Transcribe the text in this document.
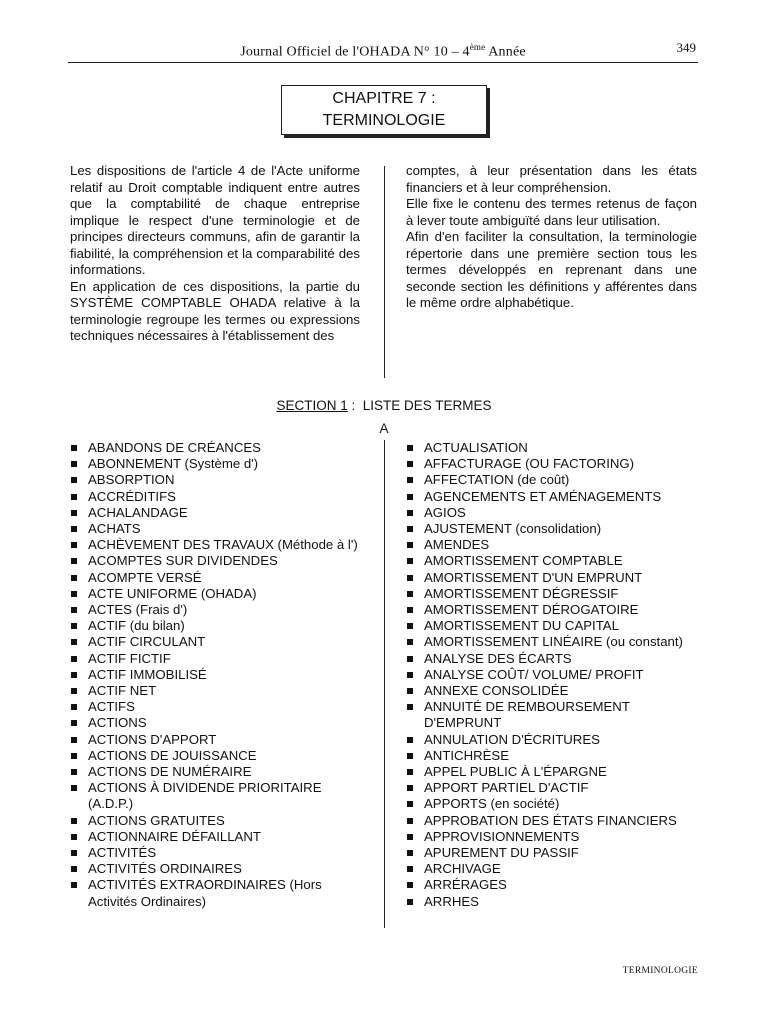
Journal Officiel de l'OHADA N° 10 – 4ème Année	349
CHAPITRE 7 :
TERMINOLOGIE

Les dispositions de l'article 4 de l'Acte uniforme relatif au Droit comptable indiquent entre autres que la comptabilité de chaque entreprise implique le respect d'une terminologie et de principes directeurs communs, afin de garantir la fiabilité, la compréhension et la comparabilité des informations.

En application de ces dispositions, la partie du SYSTÈME COMPTABLE OHADA relative à la terminologie regroupe les termes ou expressions techniques nécessaires à l'établissement des

comptes, à leur présentation dans les états financiers et à leur compréhension.

Elle fixe le contenu des termes retenus de façon à lever toute ambiguïté dans leur utilisation.

Afin d'en faciliter la consultation, la terminologie répertorie dans une première section tous les termes développés en reprenant dans une seconde section les définitions y afférentes dans le même ordre alphabétique.

SECTION 1 :  LISTE DES TERMES
A
ABANDONS DE CRÉANCES
ABONNEMENT (Système d')
ABSORPTION
ACCRÉDITIFS
ACHALANDAGE
ACHATS
ACHÈVEMENT DES TRAVAUX (Méthode à l')
ACOMPTES SUR DIVIDENDES
ACOMPTE VERSÉ
ACTE UNIFORME (OHADA)
ACTES (Frais d')
ACTIF (du bilan)
ACTIF CIRCULANT
ACTIF FICTIF
ACTIF IMMOBILISÉ
ACTIF NET
ACTIFS
ACTIONS
ACTIONS D'APPORT
ACTIONS DE JOUISSANCE
ACTIONS DE NUMÉRAIRE
ACTIONS À DIVIDENDE PRIORITAIRE (A.D.P.)
ACTIONS GRATUITES
ACTIONNAIRE DÉFAILLANT
ACTIVITÉS
ACTIVITÉS ORDINAIRES
ACTIVITÉS EXTRAORDINAIRES (Hors Activités Ordinaires)
ACTUALISATION
AFFACTURAGE (OU FACTORING)
AFFECTATION (de coût)
AGENCEMENTS ET AMÉNAGEMENTS
AGIOS
AJUSTEMENT (consolidation)
AMENDES
AMORTISSEMENT COMPTABLE
AMORTISSEMENT D'UN EMPRUNT
AMORTISSEMENT DÉGRESSIF
AMORTISSEMENT DÉROGATOIRE
AMORTISSEMENT DU CAPITAL
AMORTISSEMENT LINÉAIRE (ou constant)
ANALYSE DES ÉCARTS
ANALYSE COÛT/ VOLUME/ PROFIT
ANNEXE CONSOLIDÉE
ANNUITÉ DE REMBOURSEMENT D'EMPRUNT
ANNULATION D'ÉCRITURES
ANTICHRÈSE
APPEL PUBLIC À L'ÉPARGNE
APPORT PARTIEL D'ACTIF
APPORTS (en société)
APPROBATION DES ÉTATS FINANCIERS
APPROVISIONNEMENTS
APUREMENT DU PASSIF
ARCHIVAGE
ARRÉRAGES
ARRHES
TERMINOLOGIE
